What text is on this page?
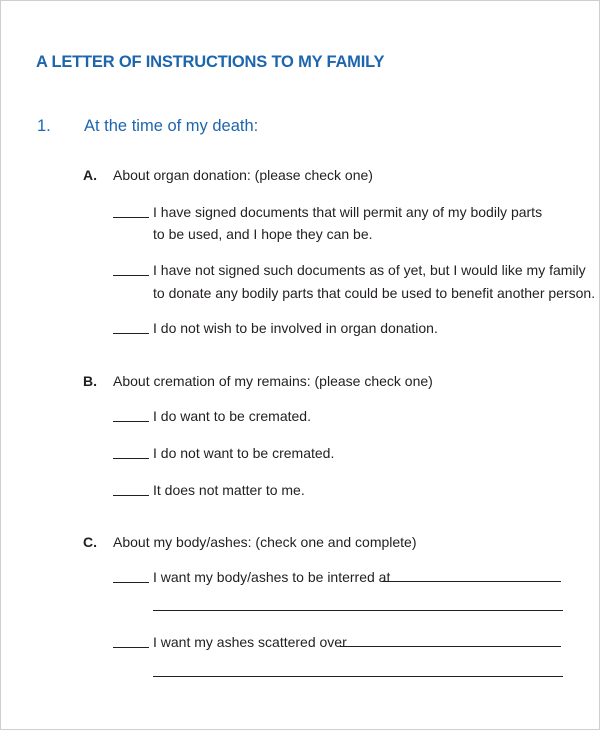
A LETTER OF INSTRUCTIONS TO MY FAMILY
1. At the time of my death:
A. About organ donation: (please check one)
I have signed documents that will permit any of my bodily parts
to be used, and I hope they can be.
I have not signed such documents as of yet, but I would like my family
to donate any bodily parts that could be used to benefit another person.
I do not wish to be involved in organ donation.
B. About cremation of my remains: (please check one)
I do want to be cremated.
I do not want to be cremated.
It does not matter to me.
C. About my body/ashes: (check one and complete)
I want my body/ashes to be interred at
I want my ashes scattered over
